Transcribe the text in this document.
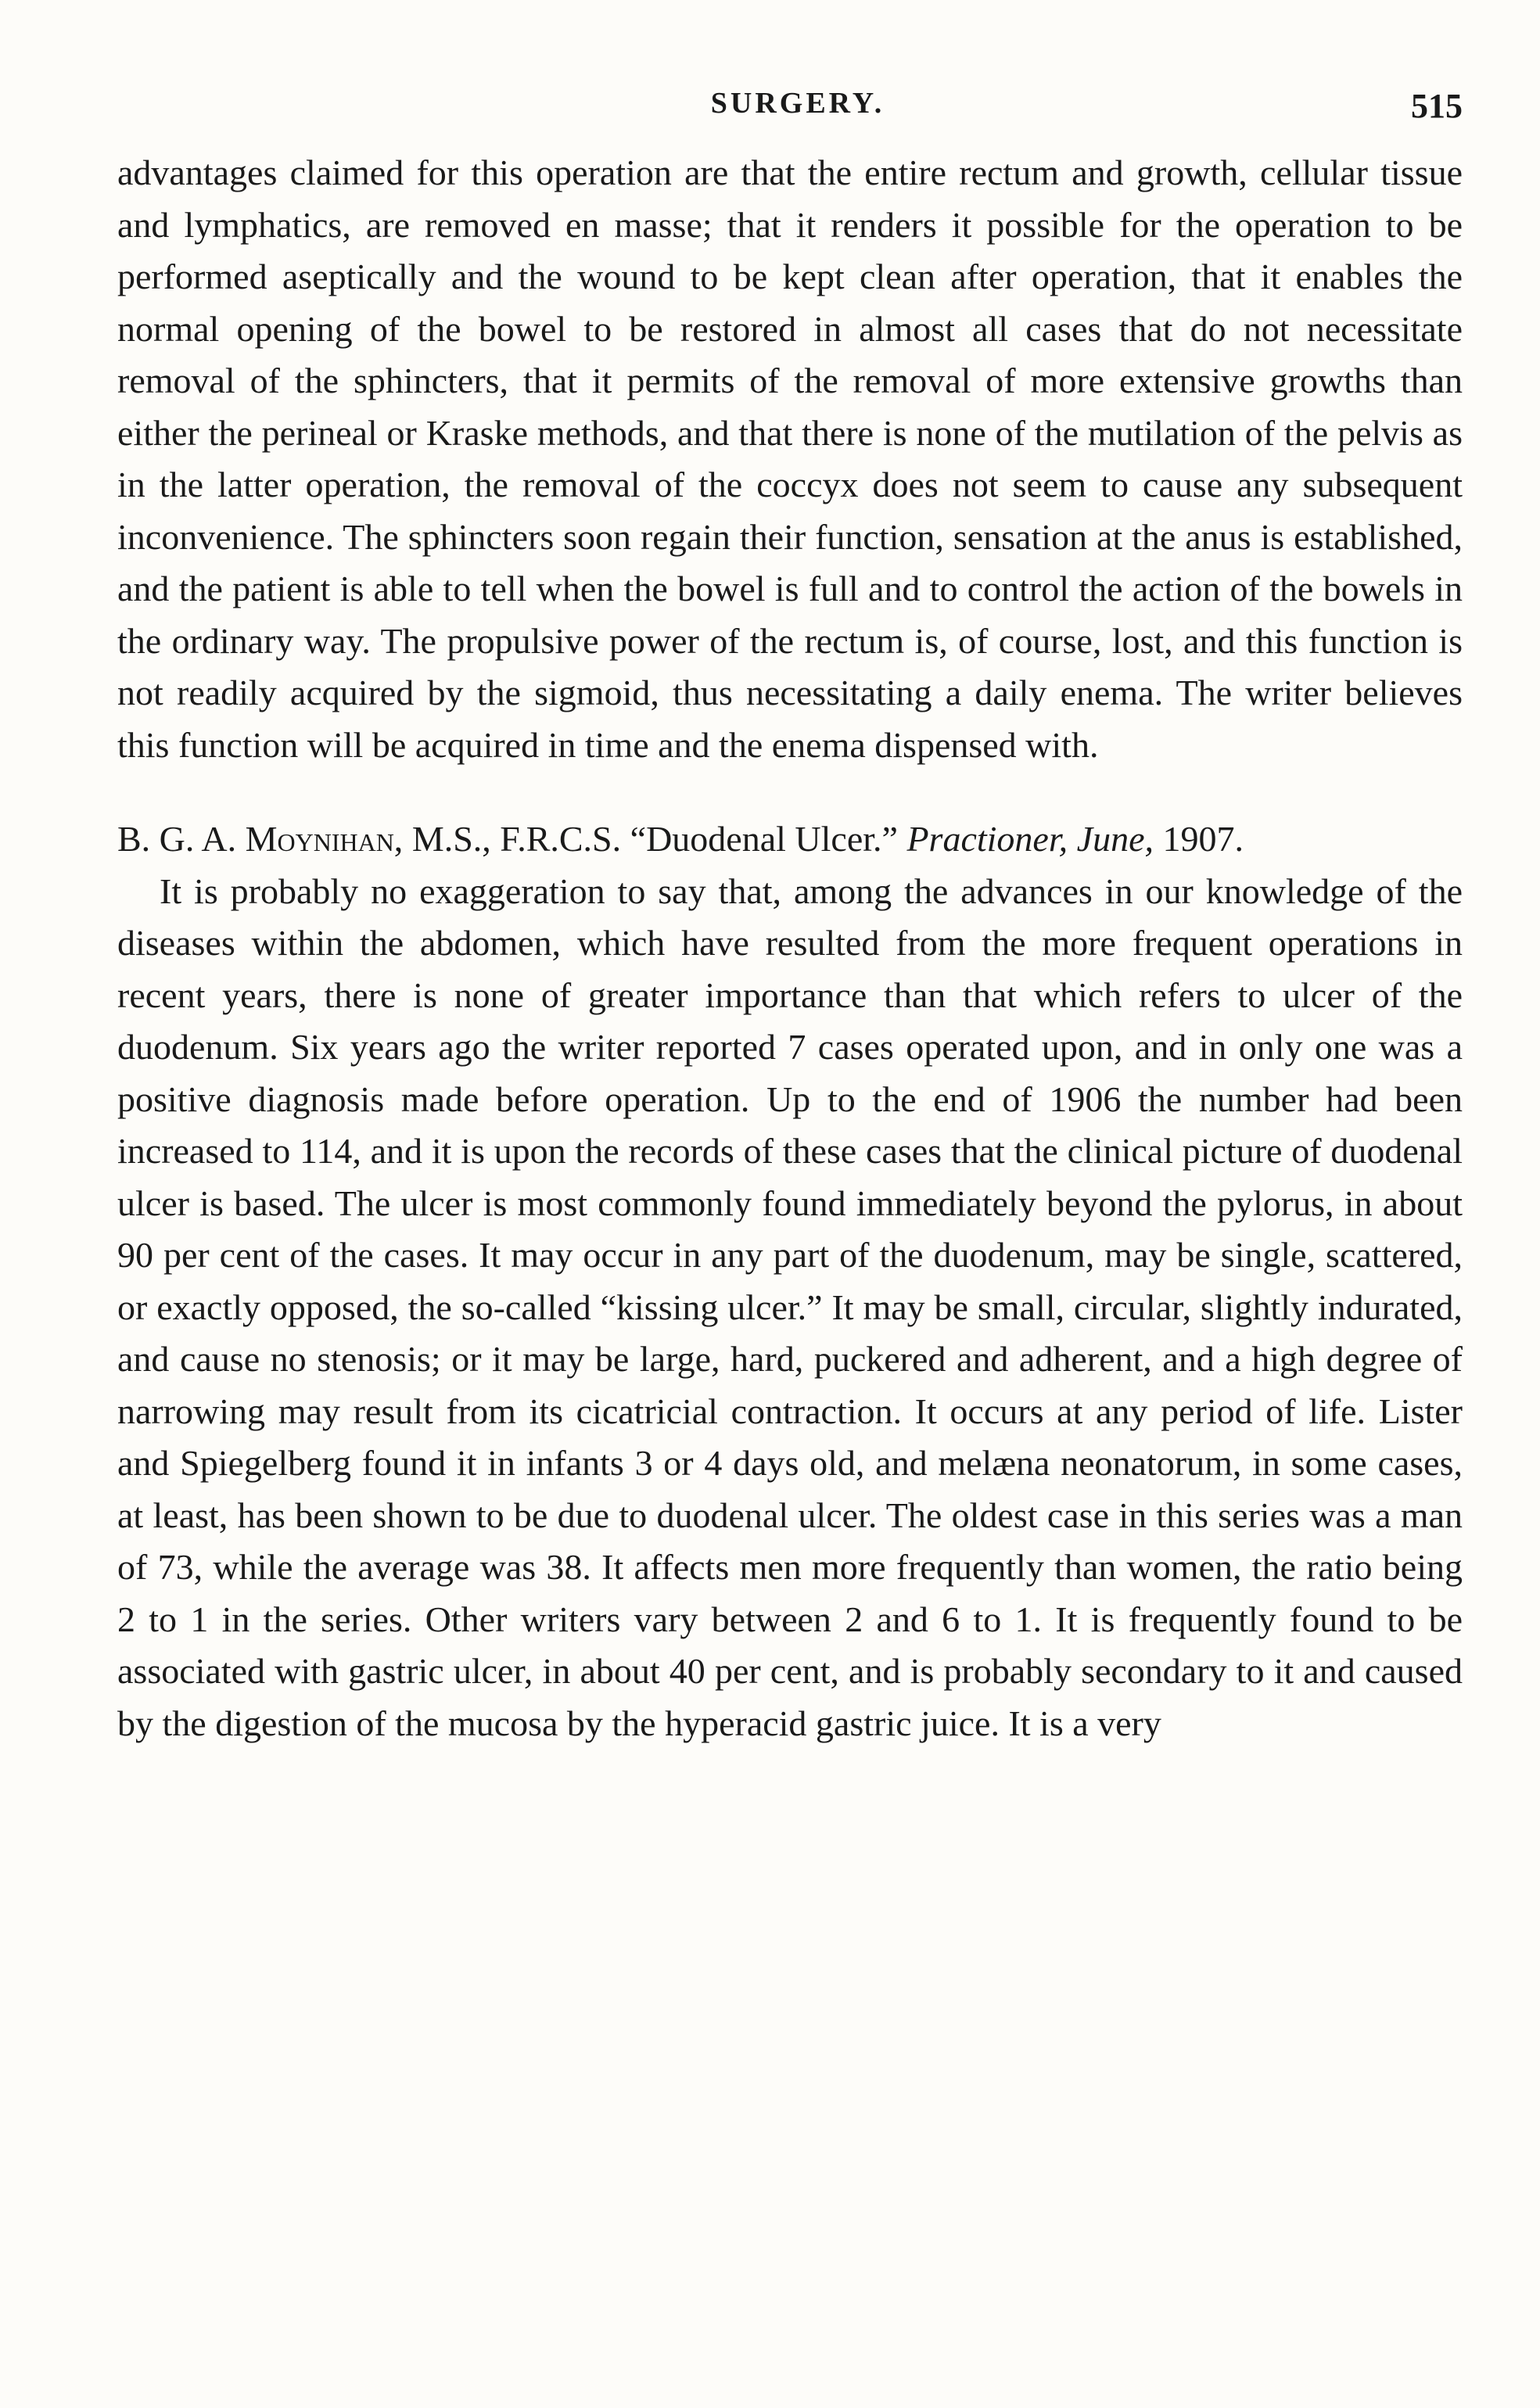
SURGERY.	515

advantages claimed for this operation are that the entire rectum and growth, cellular tissue and lymphatics, are removed en masse; that it renders it possible for the operation to be performed aseptically and the wound to be kept clean after operation, that it enables the normal opening of the bowel to be restored in almost all cases that do not necessitate removal of the sphincters, that it permits of the removal of more extensive growths than either the perineal or Kraske methods, and that there is none of the mutilation of the pelvis as in the latter operation, the removal of the coccyx does not seem to cause any subsequent inconvenience. The sphincters soon regain their function, sensation at the anus is established, and the patient is able to tell when the bowel is full and to control the action of the bowels in the ordinary way. The propulsive power of the rectum is, of course, lost, and this function is not readily acquired by the sigmoid, thus necessitating a daily enema. The writer believes this function will be acquired in time and the enema dispensed with.

B. G. A. Moynihan, M.S., F.R.C.S. “Duodenal Ulcer.” Practioner, June, 1907.

It is probably no exaggeration to say that, among the advances in our knowledge of the diseases within the abdomen, which have resulted from the more frequent operations in recent years, there is none of greater importance than that which refers to ulcer of the duodenum. Six years ago the writer reported 7 cases operated upon, and in only one was a positive diagnosis made before operation. Up to the end of 1906 the number had been increased to 114, and it is upon the records of these cases that the clinical picture of duodenal ulcer is based. The ulcer is most commonly found immediately beyond the pylorus, in about 90 per cent of the cases. It may occur in any part of the duodenum, may be single, scattered, or exactly opposed, the so-called “kissing ulcer.” It may be small, circular, slightly indurated, and cause no stenosis; or it may be large, hard, puckered and adherent, and a high degree of narrowing may result from its cicatricial contraction. It occurs at any period of life. Lister and Spiegelberg found it in infants 3 or 4 days old, and melæna neonatorum, in some cases, at least, has been shown to be due to duodenal ulcer. The oldest case in this series was a man of 73, while the average was 38. It affects men more frequently than women, the ratio being 2 to 1 in the series. Other writers vary between 2 and 6 to 1. It is frequently found to be associated with gastric ulcer, in about 40 per cent, and is probably secondary to it and caused by the digestion of the mucosa by the hyperacid gastric juice. It is a very
